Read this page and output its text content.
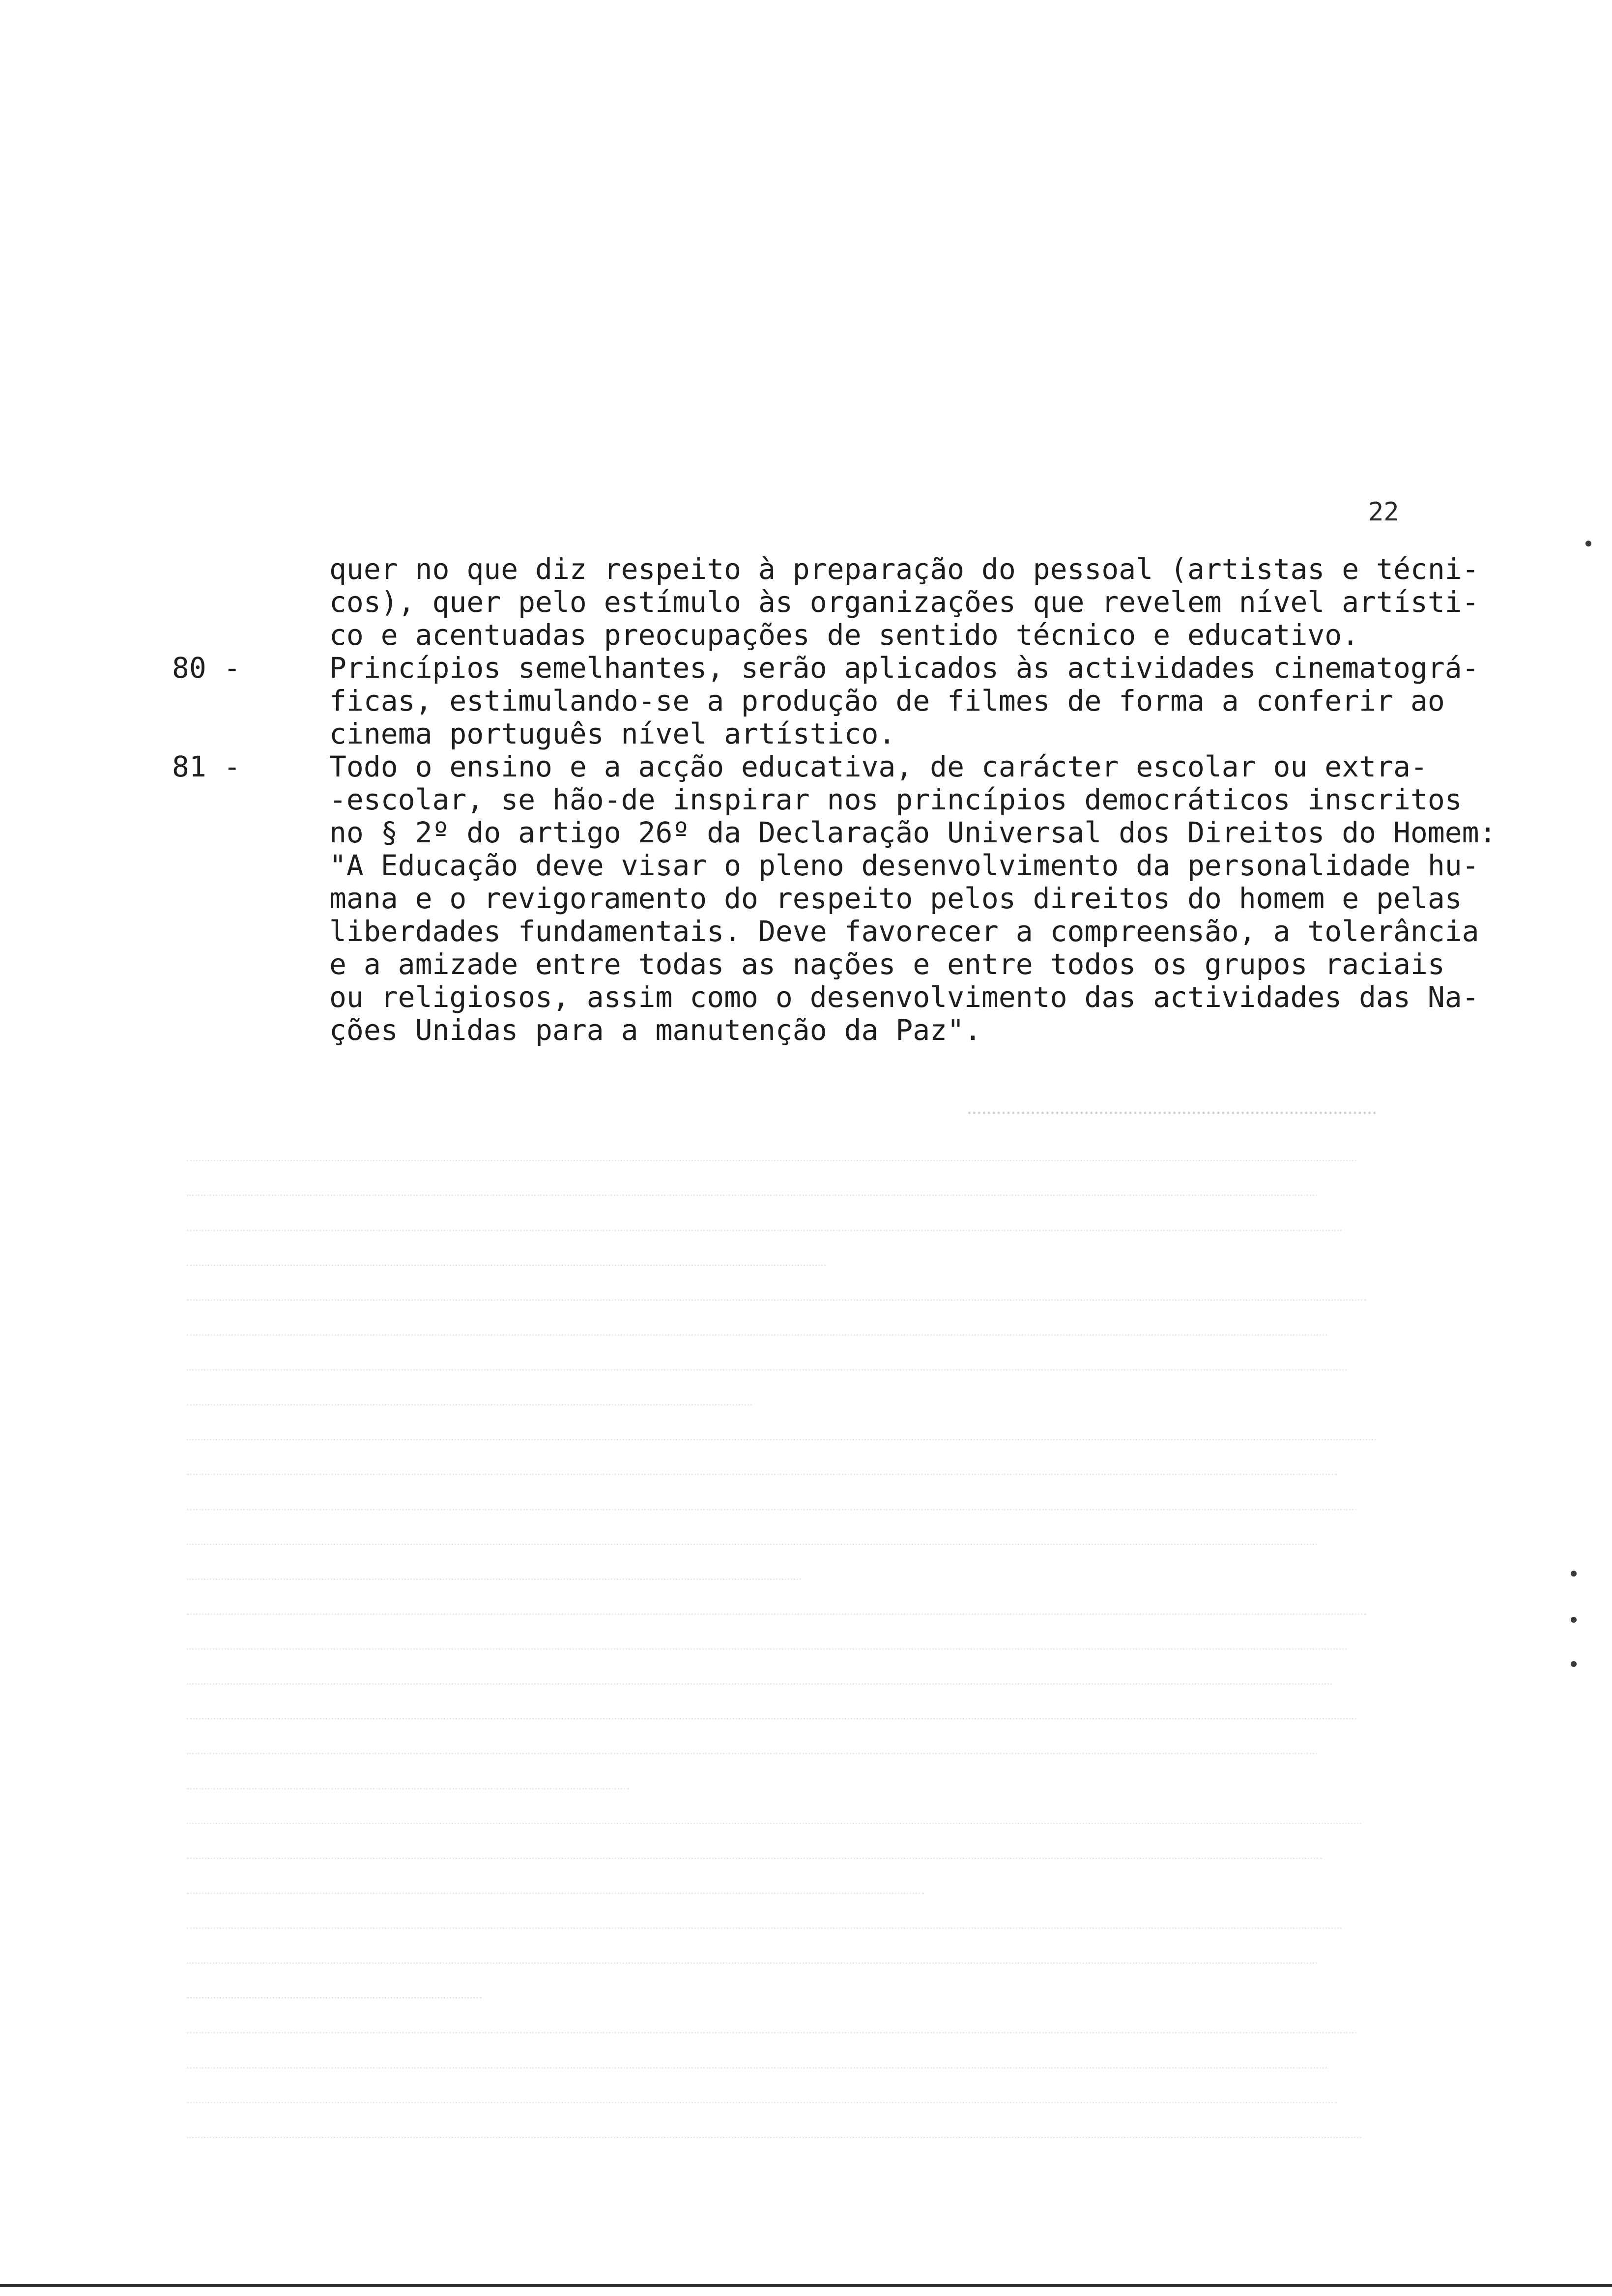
22
quer no que diz respeito à preparação do pessoal (artistas e técni-
cos), quer pelo estímulo às organizações que revelem nível artísti-
co e acentuadas preocupações de sentido técnico e educativo.
80 -	Princípios semelhantes, serão aplicados às actividades cinematográ-
ficas, estimulando-se a produção de filmes de forma a conferir ao
cinema português nível artístico.
81 -	Todo o ensino e a acção educativa, de carácter escolar ou extra-
-escolar, se hão-de inspirar nos princípios democráticos inscritos
no § 2º do artigo 26º da Declaração Universal dos Direitos do Homem:
"A Educação deve visar o pleno desenvolvimento da personalidade hu-
mana e o revigoramento do respeito pelos direitos do homem e pelas
liberdades fundamentais. Deve favorecer a compreensão, a tolerância
e a amizade entre todas as nações e entre todos os grupos raciais
ou religiosos, assim como o desenvolvimento das actividades das Na-
ções Unidas para a manutenção da Paz".
